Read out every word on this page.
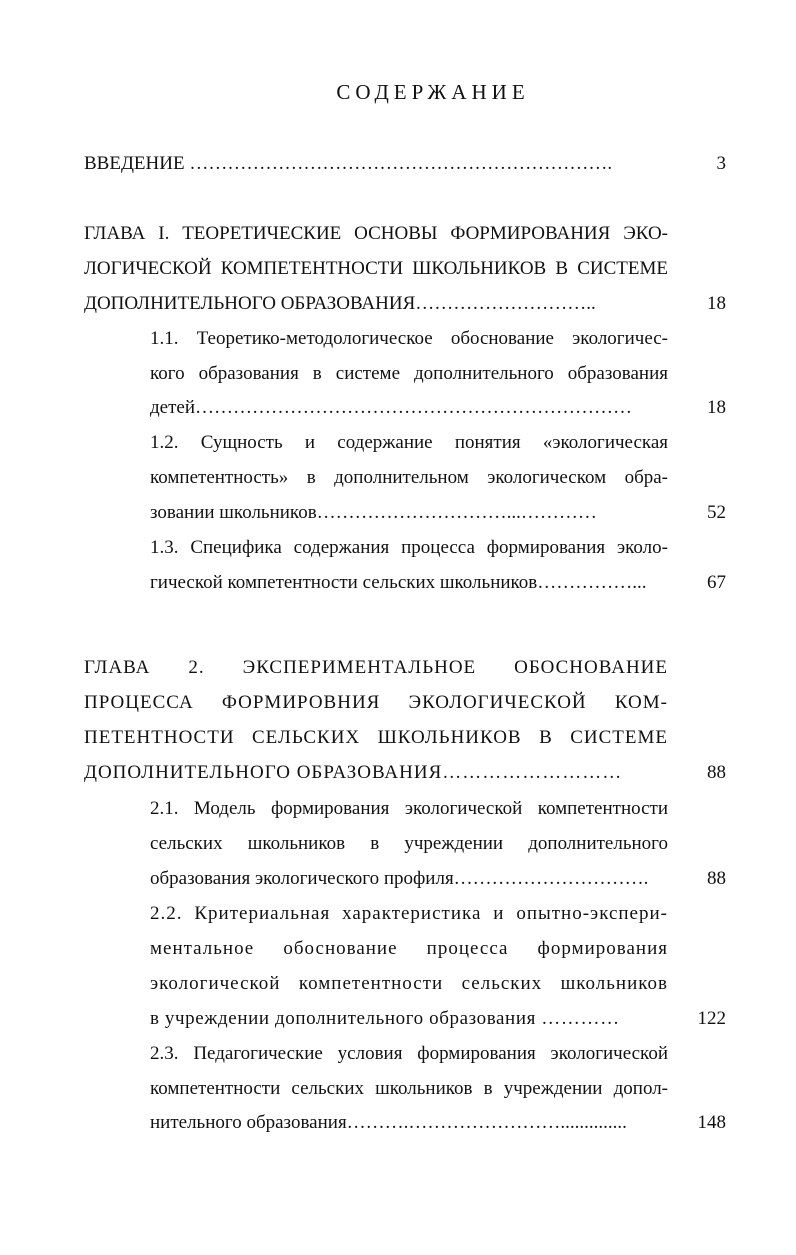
СОДЕРЖАНИЕ
ВВЕДЕНИЕ ………………………………………………………….	3
ГЛАВА I. ТЕОРЕТИЧЕСКИЕ ОСНОВЫ ФОРМИРОВАНИЯ ЭКО-
ЛОГИЧЕСКОЙ КОМПЕТЕНТНОСТИ ШКОЛЬНИКОВ В СИСТЕМЕ
ДОПОЛНИТЕЛЬНОГО ОБРАЗОВАНИЯ………………………..	18
1.1. Теоретико-методологическое обоснование экологичес-
кого образования в системе дополнительного образования
детей……………………………………………………………	18
1.2. Сущность и содержание понятия «экологическая
компетентность» в дополнительном экологическом обра-
зовании школьников…………………………...…………	52
1.3. Специфика содержания процесса формирования эколо-
гической компетентности сельских школьников……………...	67
ГЛАВА 2. ЭКСПЕРИМЕНТАЛЬНОЕ ОБОСНОВАНИЕ
ПРОЦЕССА ФОРМИРОВНИЯ ЭКОЛОГИЧЕСКОЙ КОМ-
ПЕТЕНТНОСТИ СЕЛЬСКИХ ШКОЛЬНИКОВ В СИСТЕМЕ
ДОПОЛНИТЕЛЬНОГО ОБРАЗОВАНИЯ………………………	88
2.1. Модель формирования экологической компетентности
сельских школьников в учреждении дополнительного
образования экологического профиля………………………….	88
2.2. Критериальная характеристика и опытно-экспери-
ментальное обоснование процесса формирования
экологической компетентности сельских школьников
в учреждении дополнительного образования …………	122
2.3. Педагогические условия формирования экологической
компетентности сельских школьников в учреждении допол-
нительного образования……….……………………..............	148
